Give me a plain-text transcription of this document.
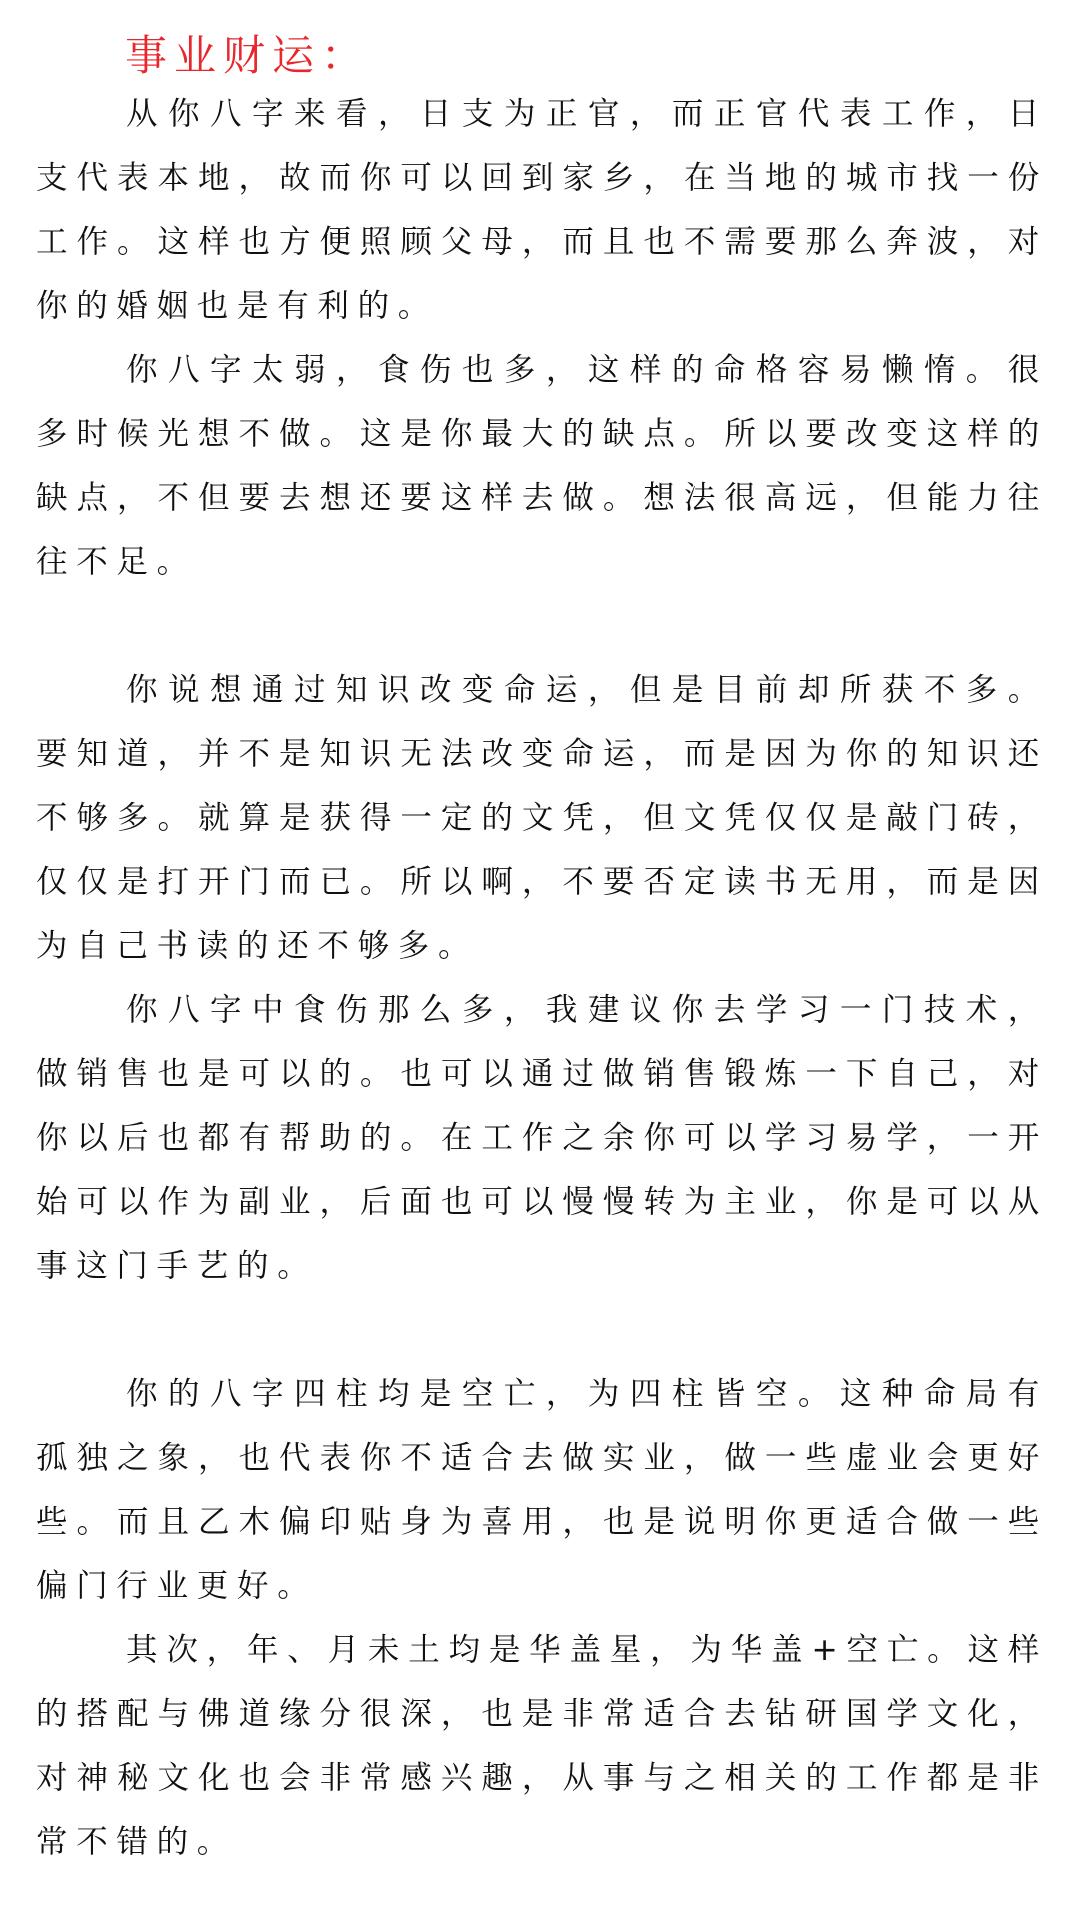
事业财运：

从你八字来看，日支为正官，而正官代表工作，日支代表本地，故而你可以回到家乡，在当地的城市找一份工作。这样也方便照顾父母，而且也不需要那么奔波，对你的婚姻也是有利的。

你八字太弱，食伤也多，这样的命格容易懒惰。很多时候光想不做。这是你最大的缺点。所以要改变这样的缺点，不但要去想还要这样去做。想法很高远，但能力往往不足。

你说想通过知识改变命运，但是目前却所获不多。要知道，并不是知识无法改变命运，而是因为你的知识还不够多。就算是获得一定的文凭，但文凭仅仅是敲门砖，仅仅是打开门而已。所以啊，不要否定读书无用，而是因为自己书读的还不够多。

你八字中食伤那么多，我建议你去学习一门技术，做销售也是可以的。也可以通过做销售锻炼一下自己，对你以后也都有帮助的。在工作之余你可以学习易学，一开始可以作为副业，后面也可以慢慢转为主业，你是可以从事这门手艺的。

你的八字四柱均是空亡，为四柱皆空。这种命局有孤独之象，也代表你不适合去做实业，做一些虚业会更好些。而且乙木偏印贴身为喜用，也是说明你更适合做一些偏门行业更好。

其次，年、月未土均是华盖星，为华盖+空亡。这样的搭配与佛道缘分很深，也是非常适合去钻研国学文化，对神秘文化也会非常感兴趣，从事与之相关的工作都是非常不错的。
